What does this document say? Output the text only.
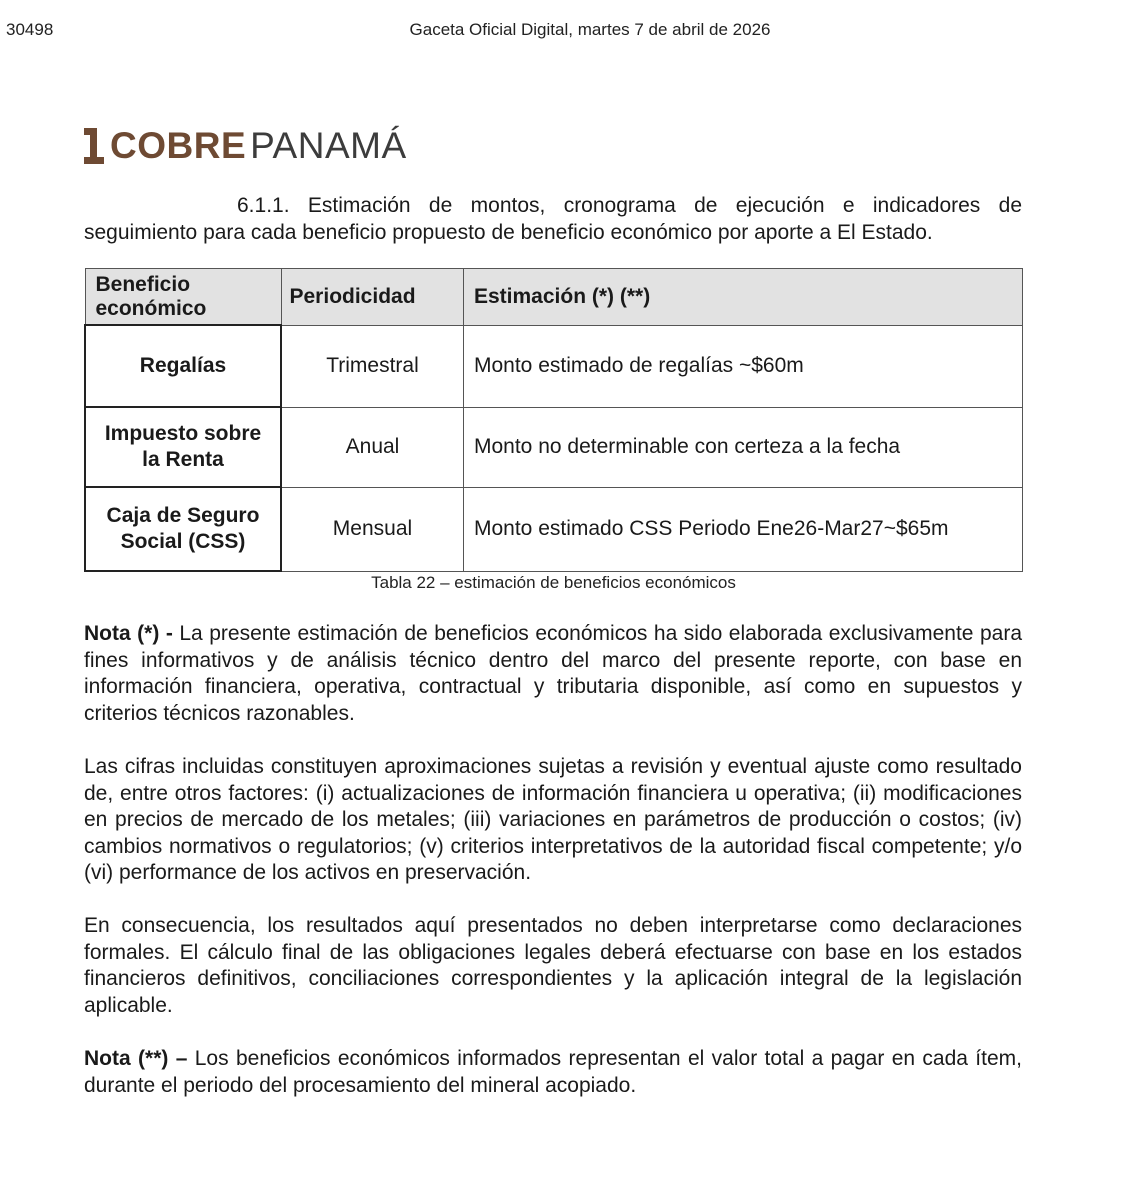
30498	Gaceta Oficial Digital, martes 7 de abril de 2026
COBRE PANAMÁ

6.1.1. Estimación de montos, cronograma de ejecución e indicadores de seguimiento para cada beneficio propuesto de beneficio económico por aporte a El Estado.

Beneficio económico	Periodicidad	Estimación (*) (**)
Regalías	Trimestral	Monto estimado de regalías ~$60m
Impuesto sobre la Renta	Anual	Monto no determinable con certeza a la fecha
Caja de Seguro Social (CSS)	Mensual	Monto estimado CSS Periodo Ene26-Mar27~$65m
Tabla 22 – estimación de beneficios económicos

Nota (*) - La presente estimación de beneficios económicos ha sido elaborada exclusivamente para fines informativos y de análisis técnico dentro del marco del presente reporte, con base en información financiera, operativa, contractual y tributaria disponible, así como en supuestos y criterios técnicos razonables.

Las cifras incluidas constituyen aproximaciones sujetas a revisión y eventual ajuste como resultado de, entre otros factores: (i) actualizaciones de información financiera u operativa; (ii) modificaciones en precios de mercado de los metales; (iii) variaciones en parámetros de producción o costos; (iv) cambios normativos o regulatorios; (v) criterios interpretativos de la autoridad fiscal competente; y/o (vi) performance de los activos en preservación.

En consecuencia, los resultados aquí presentados no deben interpretarse como declaraciones formales. El cálculo final de las obligaciones legales deberá efectuarse con base en los estados financieros definitivos, conciliaciones correspondientes y la aplicación integral de la legislación aplicable.

Nota (**) – Los beneficios económicos informados representan el valor total a pagar en cada ítem, durante el periodo del procesamiento del mineral acopiado.
